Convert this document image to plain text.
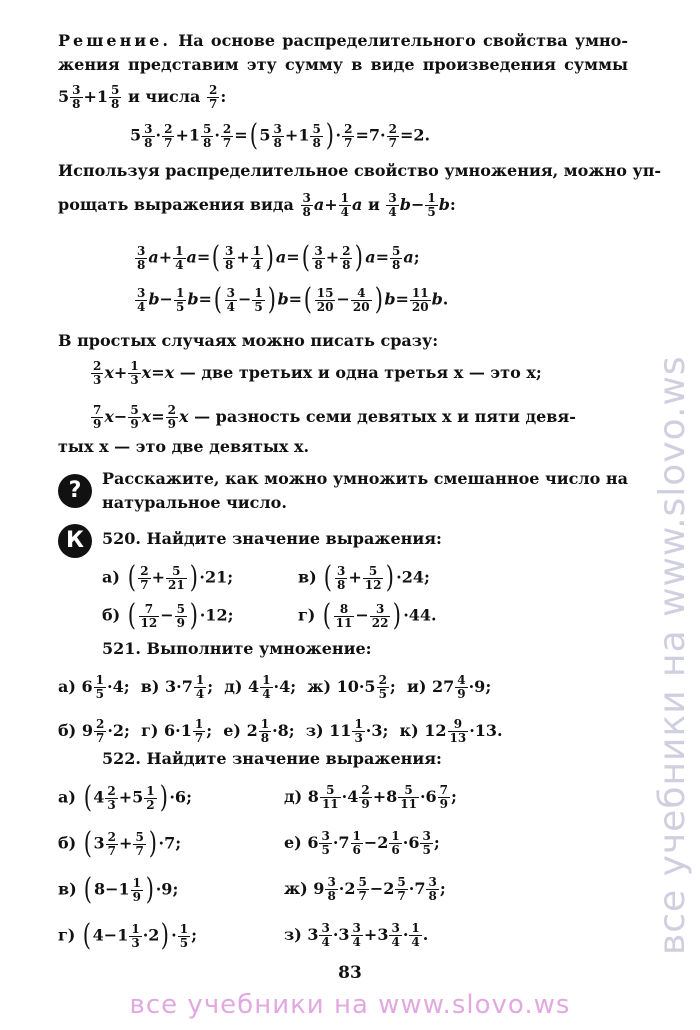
Решение. На основе распределительного свойства умно-
жения представим эту сумму в виде произведения суммы
$5 \frac{3}{8} +1 \frac{5}{8}$ и числа $\frac{2}{7}$ :
$5 \frac{3}{8} \cdot \frac{2}{7} +1 \frac{5}{8} \cdot \frac{2}{7}$ =( $5 \frac{3}{8} +1 \frac{5}{8}$ ) · $\frac{2}{7} =7\cdot \frac{2}{7} =2$.
Используя распределительное свойство умножения, можно уп-
рощать выражения вида $\frac{3}{8} a+ \frac{1}{4}$ a и $\frac{3}{4} b- \frac{1}{5} b$:
$\frac{3}{8} a+ \frac{1}{4} a=( \frac{3}{8} + \frac{1}{4}$ ) $a=( \frac{3}{8} + \frac{2}{8}$ ) $a= \frac{5}{8} a$;
$\frac{3}{4} b- \frac{1}{5} b=( \frac{3}{4} - \frac{1}{5}$ ) $b=( \frac{15}{20} - \frac{4}{20}$ ) $b= \frac{11}{20} b$.
В простых случаях можно писать сразу:
$\frac{2}{3} x+ \frac{1}{3} x=x$ — две третьих и одна третья x — это x;
$\frac{7}{9} x- \frac{5}{9} x= \frac{2}{9}$ x — разность семи девятых x и пяти девя-
тых x — это две девятых x.
?	Расскажите, как можно умножить смешанное число на
натуральное число.
К	520. Найдите значение выражения:
а) ( $\frac{2}{7} + \frac{5}{21}$ ) ·21;	в) ( $\frac{3}{8} + \frac{5}{12}$ ) ·24;
б) ( $\frac{7}{12} - \frac{5}{9}$ ) ·12;	г) ( $\frac{8}{11} - \frac{3}{22}$ ) ·44.
521. Выполните умножение:
а) $6 \frac{1}{5} \cdot 4$;  в) $3\cdot 7 \frac{1}{4}$ ;  д) $4 \frac{1}{4} \cdot 4$;  ж) $10\cdot 5 \frac{2}{5}$ ;  и) $27 \frac{4}{9} \cdot 9$;
б) $9 \frac{2}{7} \cdot 2$;  г) $6\cdot 1 \frac{1}{7}$ ;  е) $2 \frac{1}{8} \cdot 8$;  з) $11 \frac{1}{3} \cdot 3$;  к) $12 \frac{9}{13} \cdot 13$.
522. Найдите значение выражения:
а) ( $4 \frac{2}{3} +5 \frac{1}{2}$ ) ·6;	д) $8 \frac{5}{11} \cdot 4 \frac{2}{9} +8 \frac{5}{11} \cdot 6 \frac{7}{9}$ ;
б) ( $3 \frac{2}{7} + \frac{5}{7}$ ) ·7;	е) $6 \frac{3}{5} \cdot 7 \frac{1}{6} -2 \frac{1}{6} \cdot 6 \frac{3}{5}$ ;
в) ( $8-1 \frac{1}{9}$ ) ·9;	ж) $9 \frac{3}{8} \cdot 2 \frac{5}{7} -2 \frac{5}{7} \cdot 7 \frac{3}{8}$ ;
г) ( $4-1 \frac{1}{3} \cdot 2) \cdot \frac{1}{5}$ ;	з) $3 \frac{3}{4} \cdot 3 \frac{3}{4} +3 \frac{3}{4} \cdot \frac{1}{4}$ .
83
все учебники на www.slovo.ws
все учебники на www.slovo.ws
